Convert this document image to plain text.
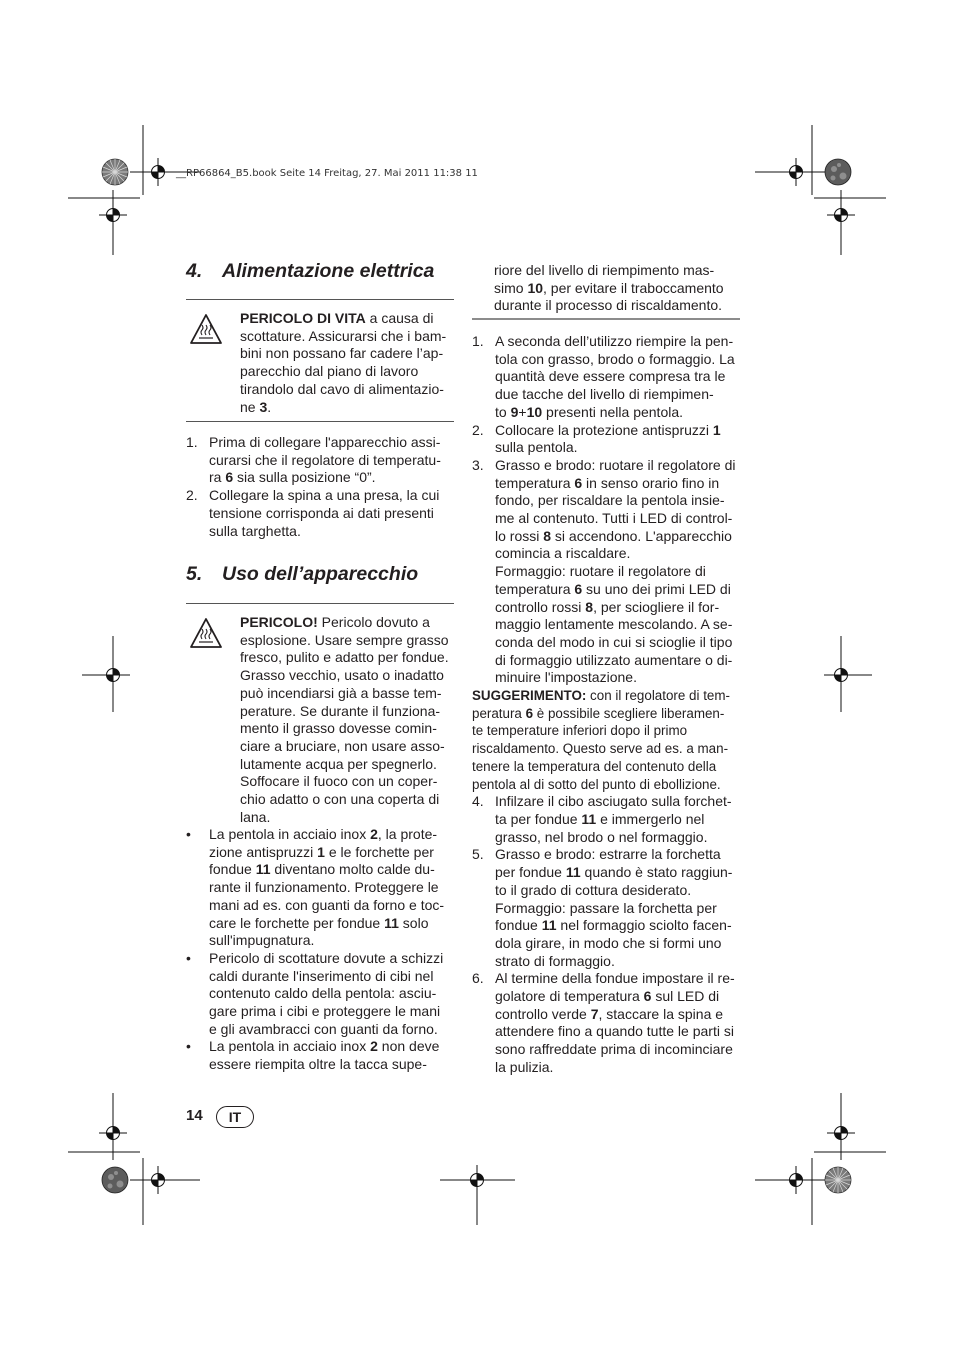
__RP66864_B5.book Seite 14 Freitag, 27. Mai 2011 11:38 11
4. Alimentazione elettrica

PERICOLO DI VITA a causa di

scottature. Assicurarsi che i bam-

bini non possano far cadere l’ap-

parecchio dal piano di lavoro

tirandolo dal cavo di alimentazio-

ne 3.

1. Prima di collegare l'apparecchio assi-

curarsi che il regolatore di temperatu-

ra 6 sia sulla posizione “0”.

2. Collegare la spina a una presa, la cui

tensione corrisponda ai dati presenti

sulla targhetta.

5. Uso dell’apparecchio

PERICOLO! Pericolo dovuto a

esplosione. Usare sempre grasso

fresco, pulito e adatto per fondue.

Grasso vecchio, usato o inadatto

può incendiarsi già a basse tem-

perature. Se durante il funziona-

mento il grasso dovesse comin-

ciare a bruciare, non usare asso-

lutamente acqua per spegnerlo.

Soffocare il fuoco con un coper-

chio adatto o con una coperta di

lana.

•	La pentola in acciaio inox 2, la prote-

zione antispruzzi 1 e le forchette per

fondue 11 diventano molto calde du-

rante il funzionamento. Proteggere le

mani ad es. con guanti da forno e toc-

care le forchette per fondue 11 solo

sull'impugnatura.

•	Pericolo di scottature dovute a schizzi

caldi durante l'inserimento di cibi nel

contenuto caldo della pentola: asciu-

gare prima i cibi e proteggere le mani

e gli avambracci con guanti da forno.

•	La pentola in acciaio inox 2 non deve

essere riempita oltre la tacca supe-

riore del livello di riempimento mas-

simo 10, per evitare il traboccamento

durante il processo di riscaldamento.

1. A seconda dell’utilizzo riempire la pen-

tola con grasso, brodo o formaggio. La

quantità deve essere compresa tra le

due tacche del livello di riempimen-

to 9+10 presenti nella pentola.

2. Collocare la protezione antispruzzi 1

sulla pentola.

3. Grasso e brodo: ruotare il regolatore di

temperatura 6 in senso orario fino in

fondo, per riscaldare la pentola insie-

me al contenuto. Tutti i LED di control-

lo rossi 8 si accendono. L'apparecchio

comincia a riscaldare.

Formaggio: ruotare il regolatore di

temperatura 6 su uno dei primi LED di

controllo rossi 8, per sciogliere il for-

maggio lentamente mescolando. A se-

conda del modo in cui si scioglie il tipo

di formaggio utilizzato aumentare o di-

minuire l'impostazione.

SUGGERIMENTO: con il regolatore di tem-

peratura 6 è possibile scegliere liberamen-

te temperature inferiori dopo il primo

riscaldamento. Questo serve ad es. a man-

tenere la temperatura del contenuto della

pentola al di sotto del punto di ebollizione.

4. Infilzare il cibo asciugato sulla forchet-

ta per fondue 11 e immergerlo nel

grasso, nel brodo o nel formaggio.

5. Grasso e brodo: estrarre la forchetta

per fondue 11 quando è stato raggiun-

to il grado di cottura desiderato.

Formaggio: passare la forchetta per

fondue 11 nel formaggio sciolto facen-

dola girare, in modo che si formi uno

strato di formaggio.

6. Al termine della fondue impostare il re-

golatore di temperatura 6 sul LED di

controllo verde 7, staccare la spina e

attendere fino a quando tutte le parti si

sono raffreddate prima di incominciare

la pulizia.

14	IT
